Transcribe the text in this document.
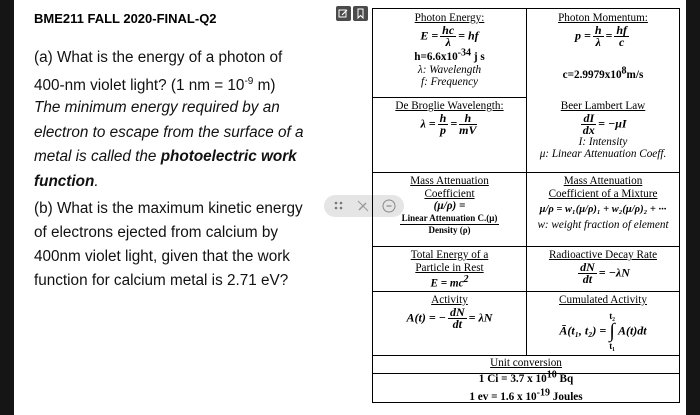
BME211 FALL 2020-FINAL-Q2
(a) What is the energy of a photon of
400-nm violet light? (1 nm = $10^{-9}$ m)
The minimum energy required by an
electron to escape from the surface of a
metal is called the photoelectric work
function.
(b) What is the maximum kinetic energy
of electrons ejected from calcium by
400nm violet light, given that the work
function for calcium metal is 2.71 eV?
Photon Energy:
$E = \frac{hc}{\lambda}$ = hf
$h=6.6x10^{-34}$ j s
λ: Wavelength
f: Frequency
Photon Momentum:
$p = \frac{h}{\lambda} = \frac{hf}{c}$
$c=2.9979x10^8m/s$
De Broglie Wavelength:
$\lambda = \frac{h}{p} = \frac{h}{mV}$
Beer Lambert Law
$\frac{dI}{dx} = -\mu I$
I: Intensity
μ: Linear Attenuation Coeff.
Mass Attenuation
Coefficient
(μ/ρ) =
$\frac{\text{Linear Attenuation C.(μ)}}{\text{Density (ρ)}}$
Mass Attenuation
Coefficient of a Mixture
μ/ρ = w₁(μ/ρ)₁ + w₂(μ/ρ)₂ + ···
w: weight fraction of element
Total Energy of a
Particle in Rest
$E = mc^2$
Radioactive Decay Rate
$\frac{dN}{dt} = -\lambda N$
Activity
A(t) = − $\frac{dN}{dt} = \lambda N$
Cumulated Activity
Ā(t₁, t₂) =
t₂
∫
t₁
A(t)dt
Unit conversion
1 Ci = 3.7 x $10^{10}$ Bq
1 ev = 1.6 x $10^{-19}$ Joules
